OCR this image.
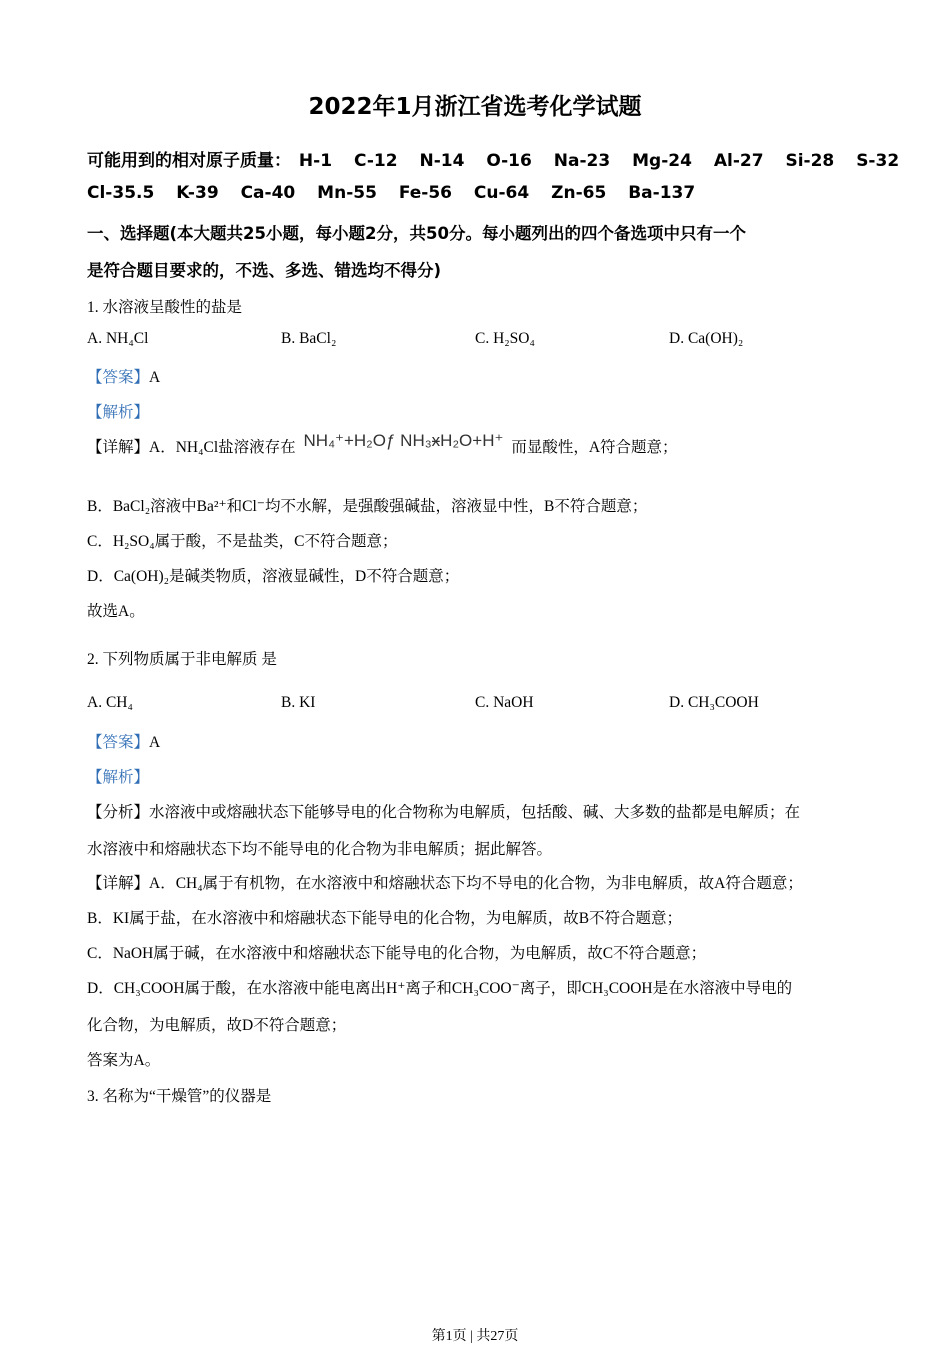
2022年1月浙江省选考化学试题
可能用到的相对原子质量： H-1 C-12 N-14 O-16 Na-23 Mg-24 Al-27 Si-28 S-32
Cl-35.5 K-39 Ca-40 Mn-55 Fe-56 Cu-64 Zn-65 Ba-137
一、选择题(本大题共25小题，每小题2分，共50分。每小题列出的四个备选项中只有一个
是符合题目要求的，不选、多选、错选均不得分)
1. 水溶液呈酸性的盐是
A. NH₄Cl	B. BaCl₂	C. H₂SO₄	D. Ca(OH)₂
【答案】A
【解析】
【详解】A．NH₄Cl盐溶液存在 NH₄⁺+H₂Oƒ NH₃ӿH₂O+H⁺ 而显酸性，A符合题意；
B．BaCl₂溶液中Ba²⁺和Cl⁻均不水解，是强酸强碱盐，溶液显中性，B不符合题意；
C．H₂SO₄属于酸，不是盐类，C不符合题意；
D．Ca(OH)₂是碱类物质，溶液显碱性，D不符合题意；
故选A。
2. 下列物质属于非电解质 是
A. CH₄	B. KI	C. NaOH	D. CH₃COOH
【答案】A
【解析】
【分析】水溶液中或熔融状态下能够导电的化合物称为电解质，包括酸、碱、大多数的盐都是电解质；在
水溶液中和熔融状态下均不能导电的化合物为非电解质；据此解答。
【详解】A．CH₄属于有机物，在水溶液中和熔融状态下均不导电的化合物，为非电解质，故A符合题意；
B．KI属于盐，在水溶液中和熔融状态下能导电的化合物，为电解质，故B不符合题意；
C．NaOH属于碱，在水溶液中和熔融状态下能导电的化合物，为电解质，故C不符合题意；
D．CH₃COOH属于酸，在水溶液中能电离出H⁺离子和CH₃COO⁻离子，即CH₃COOH是在水溶液中导电的
化合物，为电解质，故D不符合题意；
答案为A。
3. 名称为“干燥管”的仪器是
第1页 | 共27页
